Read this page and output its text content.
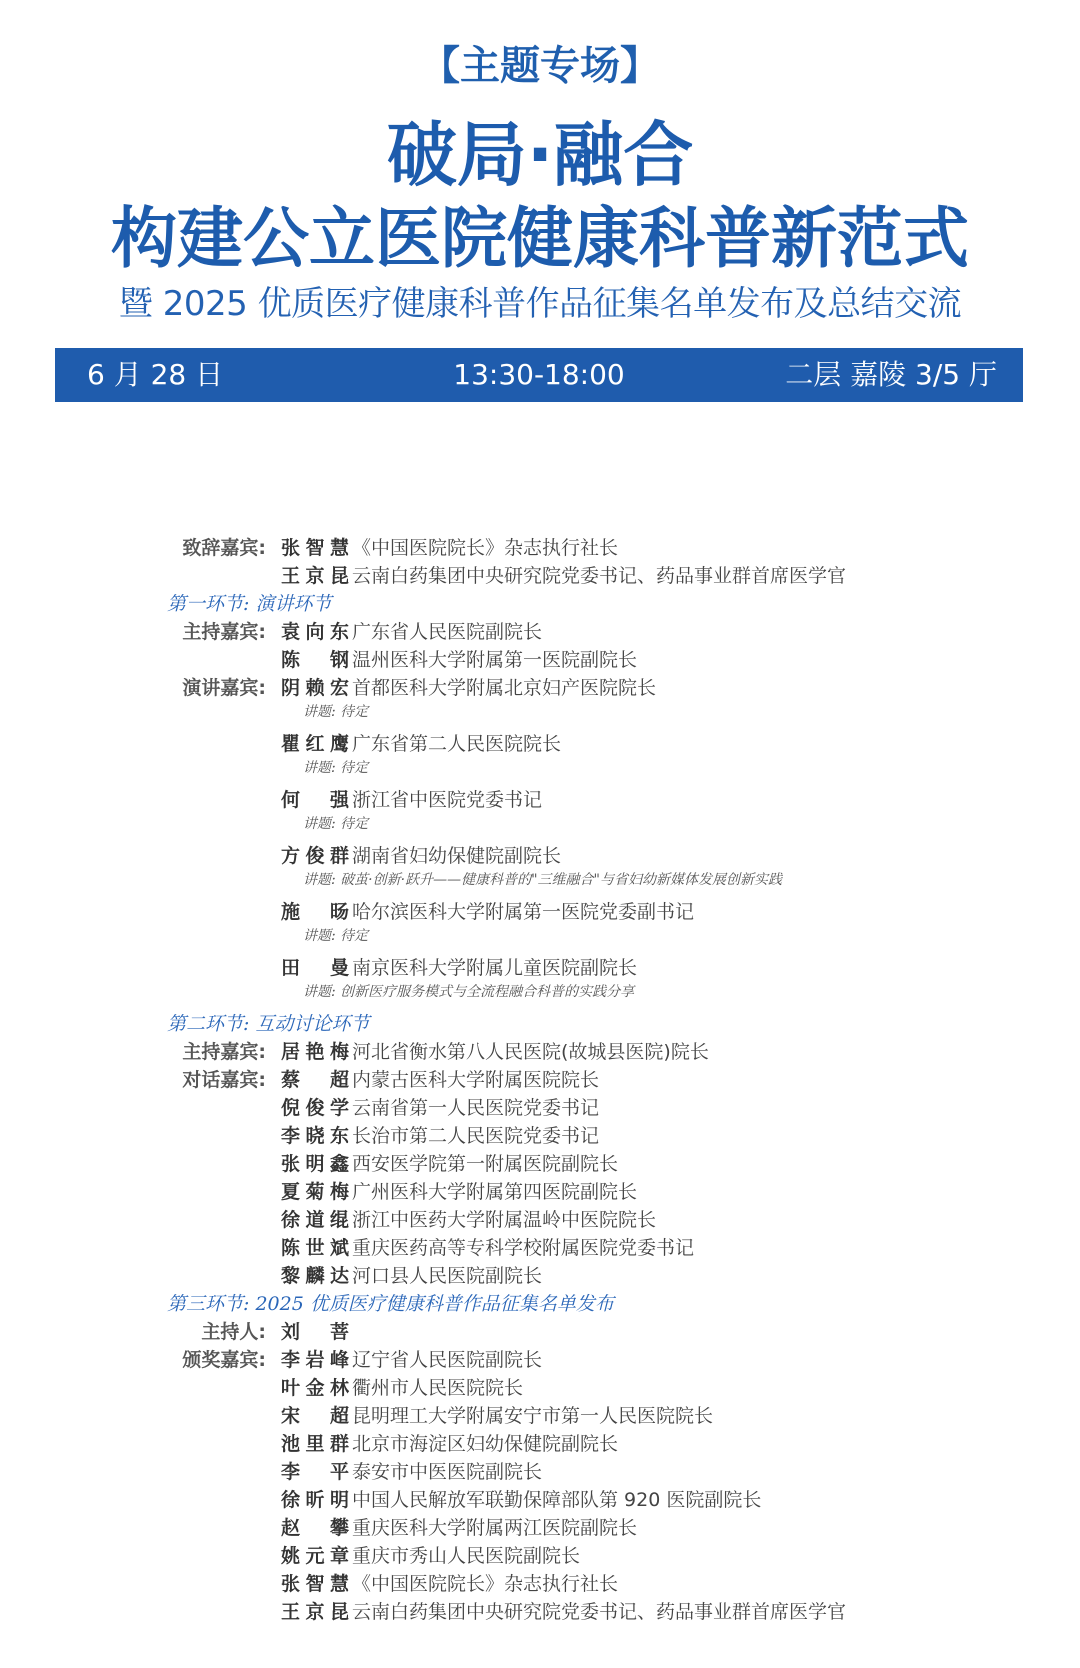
【主题专场】
破局·融合
构建公立医院健康科普新范式
暨 2025 优质医疗健康科普作品征集名单发布及总结交流
6 月 28 日	13:30-18:00	二层 嘉陵 3/5 厅
致辞嘉宾: 张智慧 《中国医院院长》杂志执行社长
王京昆 云南白药集团中央研究院党委书记、药品事业群首席医学官
第一环节: 演讲环节
主持嘉宾: 袁向东 广东省人民医院副院长
陈钢 温州医科大学附属第一医院副院长
演讲嘉宾: 阴赖宏 首都医科大学附属北京妇产医院院长
讲题: 待定
瞿红鹰 广东省第二人民医院院长
讲题: 待定
何强 浙江省中医院党委书记
讲题: 待定
方俊群 湖南省妇幼保健院副院长
讲题: 破茧·创新·跃升——健康科普的"三维融合"与省妇幼新媒体发展创新实践
施旸 哈尔滨医科大学附属第一医院党委副书记
讲题: 待定
田曼 南京医科大学附属儿童医院副院长
讲题: 创新医疗服务模式与全流程融合科普的实践分享
第二环节: 互动讨论环节
主持嘉宾: 居艳梅 河北省衡水第八人民医院(故城县医院)院长
对话嘉宾: 蔡超 内蒙古医科大学附属医院院长
倪俊学 云南省第一人民医院党委书记
李晓东 长治市第二人民医院党委书记
张明鑫 西安医学院第一附属医院副院长
夏菊梅 广州医科大学附属第四医院副院长
徐道绲 浙江中医药大学附属温岭中医院院长
陈世斌 重庆医药高等专科学校附属医院党委书记
黎麟达 河口县人民医院副院长
第三环节: 2025 优质医疗健康科普作品征集名单发布
主持人: 刘菩
颁奖嘉宾: 李岩峰 辽宁省人民医院副院长
叶金林 衢州市人民医院院长
宋超 昆明理工大学附属安宁市第一人民医院院长
池里群 北京市海淀区妇幼保健院副院长
李平 泰安市中医医院副院长
徐昕明 中国人民解放军联勤保障部队第 920 医院副院长
赵攀 重庆医科大学附属两江医院副院长
姚元章 重庆市秀山人民医院副院长
张智慧 《中国医院院长》杂志执行社长
王京昆 云南白药集团中央研究院党委书记、药品事业群首席医学官
